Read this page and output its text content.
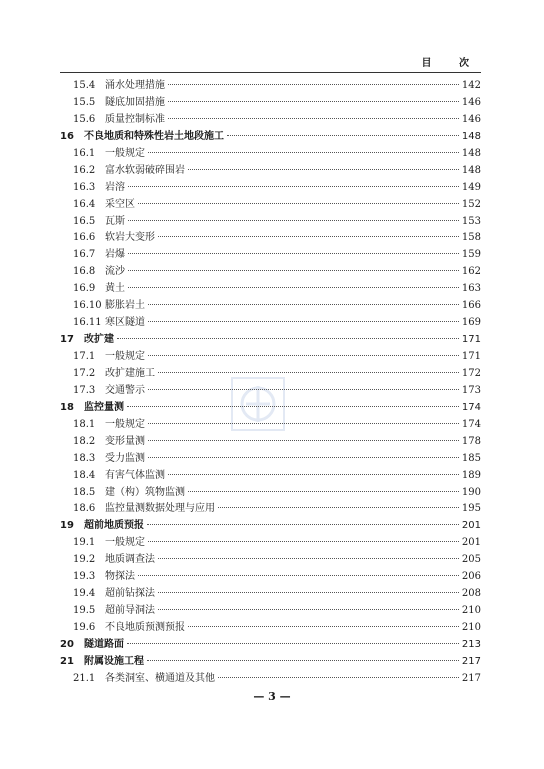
目 次
15.4 涌水处理措施	142
15.5 隧底加固措施	146
15.6 质量控制标准	146
16	不良地质和特殊性岩土地段施工	148
16.1 一般规定	148
16.2 富水软弱破碎围岩	148
16.3 岩溶	149
16.4 采空区	152
16.5 瓦斯	153
16.6 软岩大变形	158
16.7 岩爆	159
16.8 流沙	162
16.9 黄土	163
16.10 膨胀岩土	166
16.11 寒区隧道	169
17	改扩建	171
17.1 一般规定	171
17.2 改扩建施工	172
17.3 交通警示	173
18	监控量测	174
18.1 一般规定	174
18.2 变形量测	178
18.3 受力监测	185
18.4 有害气体监测	189
18.5 建（构）筑物监测	190
18.6 监控量测数据处理与应用	195
19	超前地质预报	201
19.1 一般规定	201
19.2 地质调查法	205
19.3 物探法	206
19.4 超前钻探法	208
19.5 超前导洞法	210
19.6 不良地质预测预报	210
20	隧道路面	213
21	附属设施工程	217
21.1 各类洞室、横通道及其他	217
— 3 —
